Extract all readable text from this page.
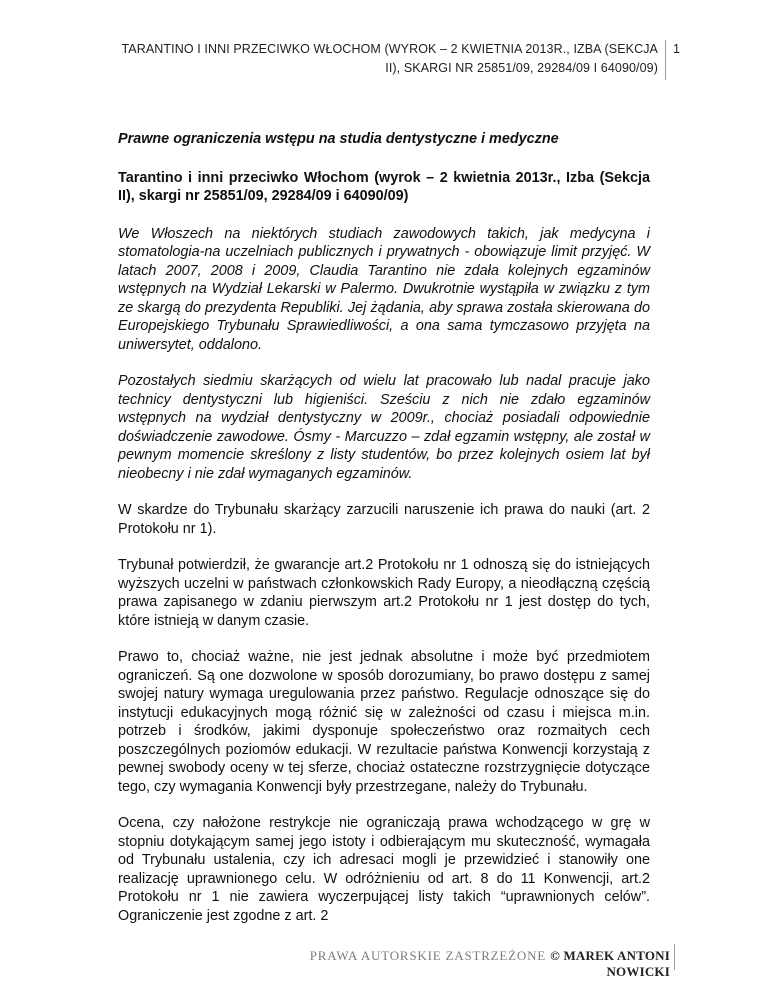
TARANTINO I INNI PRZECIWKO WŁOCHOM (WYROK – 2 KWIETNIA 2013R., IZBA (SEKCJA
II), SKARGI NR 25851/09, 29284/09 I 64090/09)
1

Prawne ograniczenia wstępu na studia dentystyczne i medyczne

Tarantino i inni przeciwko Włochom (wyrok – 2 kwietnia 2013r., Izba (Sekcja II), skargi nr 25851/09, 29284/09 i 64090/09)

We Włoszech na niektórych studiach zawodowych takich, jak medycyna i stomatologia-na uczelniach publicznych i prywatnych - obowiązuje limit przyjęć. W latach 2007, 2008 i 2009, Claudia Tarantino nie zdała kolejnych egzaminów wstępnych na Wydział Lekarski w Palermo. Dwukrotnie wystąpiła w związku z tym ze skargą do prezydenta Republiki. Jej żądania, aby sprawa została skierowana do Europejskiego Trybunału Sprawiedliwości, a ona sama tymczasowo przyjęta na uniwersytet, oddalono.

Pozostałych siedmiu skarżących od wielu lat pracowało lub nadal pracuje jako technicy dentystyczni lub higieniści. Sześciu z nich nie zdało egzaminów wstępnych na wydział dentystyczny w 2009r., chociaż posiadali odpowiednie doświadczenie zawodowe. Ósmy - Marcuzzo – zdał egzamin wstępny, ale został w pewnym momencie skreślony z listy studentów, bo przez kolejnych osiem lat był nieobecny i nie zdał wymaganych egzaminów.

W skardze do Trybunału skarżący zarzucili naruszenie ich prawa do nauki (art. 2 Protokołu nr 1).

Trybunał potwierdził, że gwarancje art.2 Protokołu nr 1 odnoszą się do istniejących wyższych uczelni w państwach członkowskich Rady Europy, a nieodłączną częścią prawa zapisanego w zdaniu pierwszym art.2 Protokołu nr 1 jest dostęp do tych, które istnieją w danym czasie.

Prawo to, chociaż ważne, nie jest jednak absolutne i może być przedmiotem ograniczeń. Są one dozwolone w sposób dorozumiany, bo prawo dostępu z samej swojej natury wymaga uregulowania przez państwo. Regulacje odnoszące się do instytucji edukacyjnych mogą różnić się w zależności od czasu i miejsca m.in. potrzeb i środków, jakimi dysponuje społeczeństwo oraz rozmaitych cech poszczególnych poziomów edukacji. W rezultacie państwa Konwencji korzystają z pewnej swobody oceny w tej sferze, chociaż ostateczne rozstrzygnięcie dotyczące tego, czy wymagania Konwencji były przestrzegane, należy do Trybunału.

Ocena, czy nałożone restrykcje nie ograniczają prawa wchodzącego w grę w stopniu dotykającym samej jego istoty i odbierającym mu skuteczność, wymagała od Trybunału ustalenia, czy ich adresaci mogli je przewidzieć i stanowiły one realizację uprawnionego celu. W odróżnieniu od art. 8 do 11 Konwencji, art.2 Protokołu nr 1 nie zawiera wyczerpującej listy takich “uprawnionych celów”. Ograniczenie jest zgodne z art. 2

PRAWA AUTORSKIE ZASTRZEŻONE © MAREK ANTONI NOWICKI
